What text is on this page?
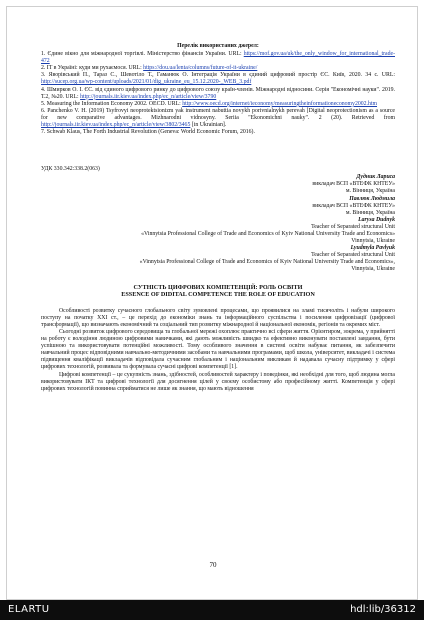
Перелік використаних джерел:

1. Єдине вікно для міжнародної торгівлі. Міністерство фінансів України. URL: https://mof.gov.ua/uk/the_only_window_for_international_trade-472

2. IT в Україні: куди ми рухаємося. URL: https://dou.ua/lenta/columns/future-of-it-ukraine/

3. Яворівський П., Тараз С., Шевотіло Т., Гаманюк О. Інтеграція України в єдиний цифровий простір ЄС. Київ, 2020. 34 с. URL: http://sucep.org.ua/wp-content/uploads/2021/01/dig_ukraine_eu_15.12.2020-_WEB_3.pdf

4. Шмирков О. І. ЄС. від єдиного цифрового ринку до цифрового союзу країн-членів. Міжнародні відносини. Серія "Економічні науки". 2019. Т.2, №20. URL: http://journals.iir.kiev.ua/index.php/ec_n/article/view/3790

5. Measuring the Information Economy 2002. OECD. URL: http://www.oecd.org/internet/ieconomy/measuringtheinformationeconomy2002.htm

6. Panchenko V. H. (2019) Tsyfrovyi neoprotektsionizm yak instrument nabuttia novykh porivnialnykh perevah [Digital neoprotectionism as a source for new comparative advantages. Mizhnarodni vidnosyny. Seriia "Ekonomichni nauky". 2 (20). Retrieved from http://journals.iir.kiev.ua/index.php/ec_n/article/view/3802/3465 [in Ukrainian].

7. Schwab Klaus, The Forth Industrial Revolution (Geneva: World Economic Forum, 2016).

УДК 330.342:338.2(063)

Дудник Лариса

викладач ВСП «ВТЕФК КНТЕУ»

м. Вінниця, Україна

Павлюк Людмила

викладач ВСП «ВТЕФК КНТЕУ»

м. Вінниця, Україна

Larysa Dudnyk

Teacher of Separated structural Unit

«Vinnytsia Professional College of Trade and Economics of Kyiv National University Trade and Economics»

Vinnytsia, Ukraine

Lyudmyla Pavlyuk

Teacher of Separated structural Unit

«Vinnytsia Professional College of Trade and Economics of Kyiv National University Trade and Economics», Vinnytsia, Ukraine

СУТНІСТЬ ЦИФРОВИХ КОМПЕТЕНЦІЙ: РОЛЬ ОСВІТИ
ESSENCE OF DIDITAL COMPETENCE THE ROLE OF EDUCATION

Особливості розвитку сучасного глобального світу зумовлені процесами, що проявилися на зламі тисячоліть і набули широкого поступу на початку ХХІ ст., – це перехід до економіки знань та інформаційного суспільства і посилення цифровізації (цифрової трансформації), що визначають економічний та соціальний тип розвитку міжнародної й національної економік, регіонів та окремих міст.

Сьогодні розвиток цифрового середовища та глобальної мережі охоплює практично всі сфери життя. Орієнтиром, зокрема, у прийнятті на роботу є володіння людиною цифровими навичками, які дають можливість швидко та ефективно виконувати поставлені завдання, бути успішною та використовувати потенційні можливості. Тому особливого значення в системі освіти набуває питання, як забезпечити навчальний процес відповідними навчально-методичними засобами та навчальними програмами, щоб школа, університет, викладачі і система підвищення кваліфікації викладачів відповідала сучасним глобальним і національним викликам й надавала сучасну підтримку у сфері цифрових технологій, розвивала та формувала сучасні цифрові компетенції [1].

Цифрові компетенції – це сукупність знань, здібностей, особливостей характеру і поведінки, які необхідні для того, щоб людина могла використовувати ІКТ та цифрові технології для досягнення цілей у своєму особистому або професійному житті. Компетенція у сфері цифрових технологій повинна сприйматися не лише як знання, що мають відношення

70
ELARTU	hdl:lib/36312
